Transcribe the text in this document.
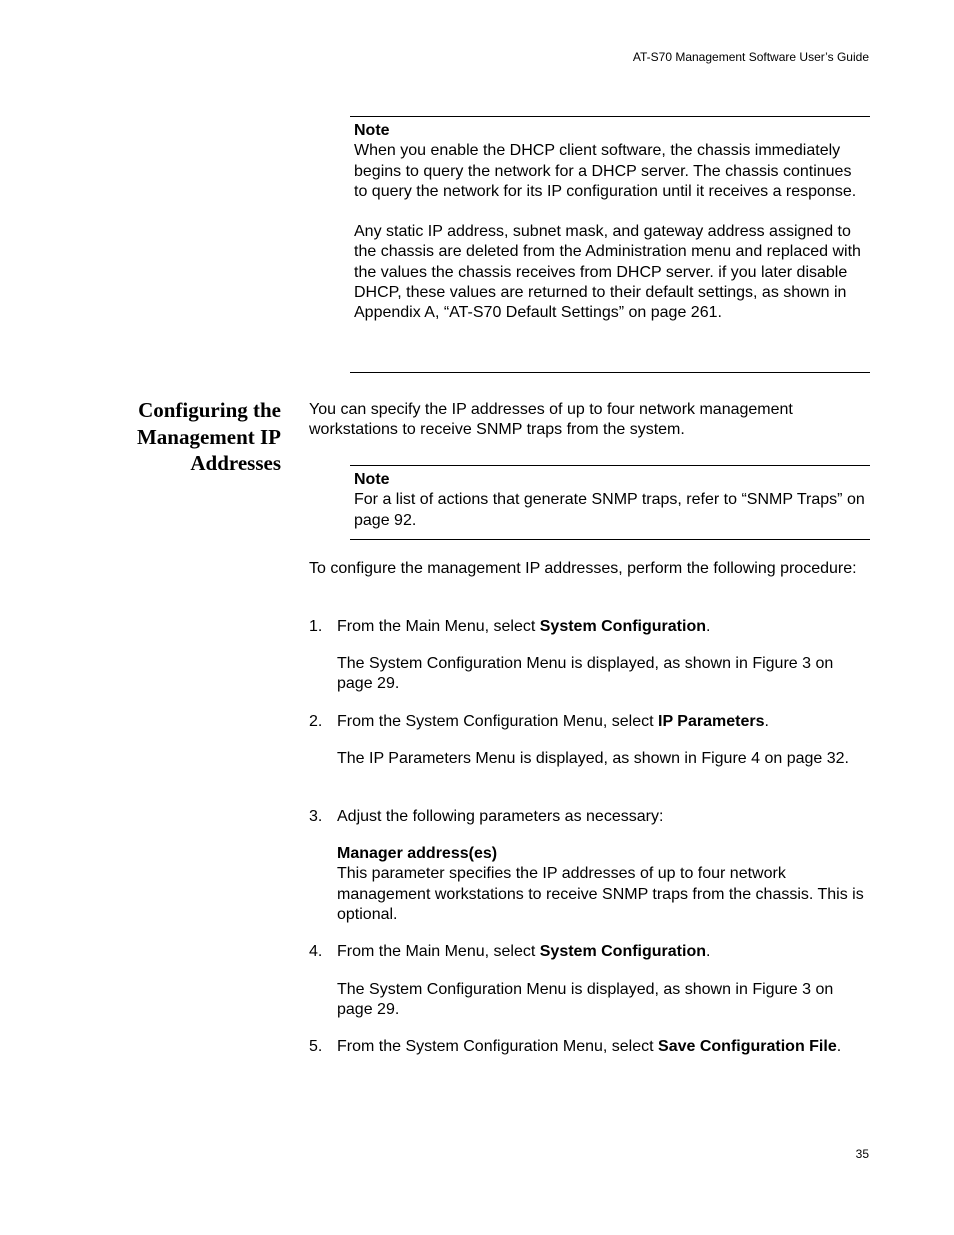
AT-S70 Management Software User’s Guide
Note

When you enable the DHCP client software, the chassis immediately begins to query the network for a DHCP server. The chassis continues to query the network for its IP configuration until it receives a response.

Any static IP address, subnet mask, and gateway address assigned to the chassis are deleted from the Administration menu and replaced with the values the chassis receives from DHCP server. if you later disable DHCP, these values are returned to their default settings, as shown in Appendix A, “AT-S70 Default Settings” on page 261.

Configuring the
Management IP
Addresses

You can specify the IP addresses of up to four network management workstations to receive SNMP traps from the system.

Note

For a list of actions that generate SNMP traps, refer to “SNMP Traps” on page 92.

To configure the management IP addresses, perform the following procedure:

1. From the Main Menu, select System Configuration.

The System Configuration Menu is displayed, as shown in Figure 3 on page 29.

2. From the System Configuration Menu, select IP Parameters.

The IP Parameters Menu is displayed, as shown in Figure 4 on page 32.

3. Adjust the following parameters as necessary:
Manager address(es)
This parameter specifies the IP addresses of up to four network management workstations to receive SNMP traps from the chassis. This is optional.
4. From the Main Menu, select System Configuration.

The System Configuration Menu is displayed, as shown in Figure 3 on page 29.

5. From the System Configuration Menu, select Save Configuration File.
35
